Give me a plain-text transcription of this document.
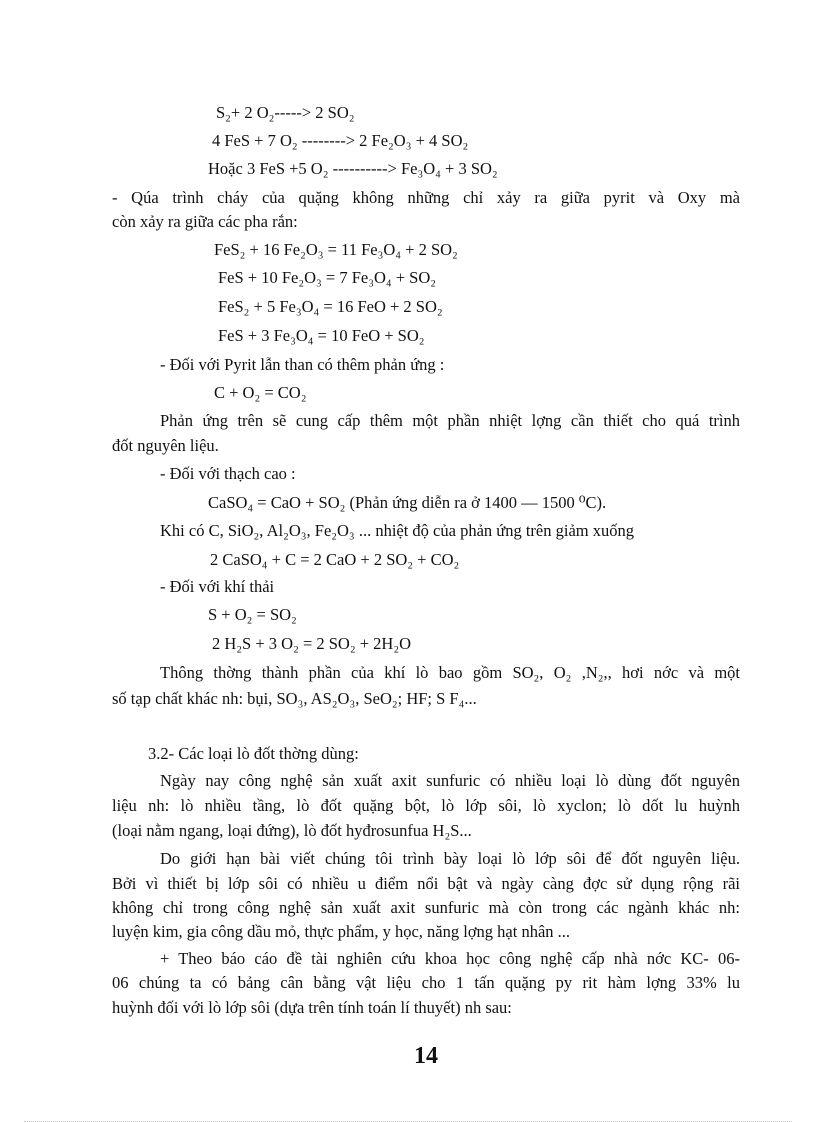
S₂+ 2 O₂-----> 2 SO₂
4 FeS + 7 O₂ --------> 2 Fe₂O₃ + 4 SO₂
Hoặc 3 FeS +5 O₂ ----------> Fe₃O₄ + 3 SO₂
- Qúa trình cháy của quặng không những chỉ xảy ra giữa pyrit và Oxy mà
còn xảy ra giữa các pha rắn:
FeS₂ + 16 Fe₂O₃ = 11 Fe₃O₄ + 2 SO₂
FeS + 10 Fe₂O₃ = 7 Fe₃O₄ + SO₂
FeS₂ + 5 Fe₃O₄ = 16 FeO + 2 SO₂
FeS + 3 Fe₃O₄ = 10 FeO + SO₂
- Đối với Pyrit lẫn than có thêm phản ứng :
C + O₂ = CO₂
Phản ứng trên sẽ cung cấp thêm một phần nhiệt lợng cần thiết cho quá trình
đốt nguyên liệu.
- Đối với thạch cao :
CaSO₄ = CaO + SO₂ (Phản ứng diễn ra ở 1400 — 1500 ⁰C).
Khi có C, SiO₂, Al₂O₃, Fe₂O₃ ... nhiệt độ của phản ứng trên giảm xuống
2 CaSO₄ + C = 2 CaO + 2 SO₂ + CO₂
- Đối với khí thải
S + O₂ = SO₂
2 H₂S + 3 O₂ = 2 SO₂ + 2H₂O
Thông thờng thành phần của khí lò bao gồm SO₂, O₂ ,N₂,, hơi nớc và một
số tạp chất khác nh: bụi, SO₃, AS₂O₃, SeO₂; HF; S F₄...
3.2- Các loại lò đốt thờng dùng:
Ngày nay công nghệ sản xuất axit sunfuric có nhiều loại lò dùng đốt nguyên
liệu nh: lò nhiều tầng, lò đốt quặng bột, lò lớp sôi, lò xyclon; lò dốt lu huỳnh
(loại nằm ngang, loại đứng), lò đốt hyđrosunfua H₂S...
Do giới hạn bài viết chúng tôi trình bày loại lò lớp sôi để đốt nguyên liệu.
Bởi vì thiết bị lớp sôi có nhiều u điểm nổi bật và ngày càng đợc sử dụng rộng rãi
không chỉ trong công nghệ sản xuất axit sunfuric mà còn trong các ngành khác nh:
luyện kim, gia công dầu mỏ, thực phẩm, y học, năng lợng hạt nhân ...
+ Theo báo cáo đề tài nghiên cứu khoa học công nghệ cấp nhà nớc KC- 06-
06 chúng ta có bảng cân bằng vật liệu cho 1 tấn quặng py rit hàm lợng 33% lu
huỳnh đối với lò lớp sôi (dựa trên tính toán lí thuyết) nh sau:
14
